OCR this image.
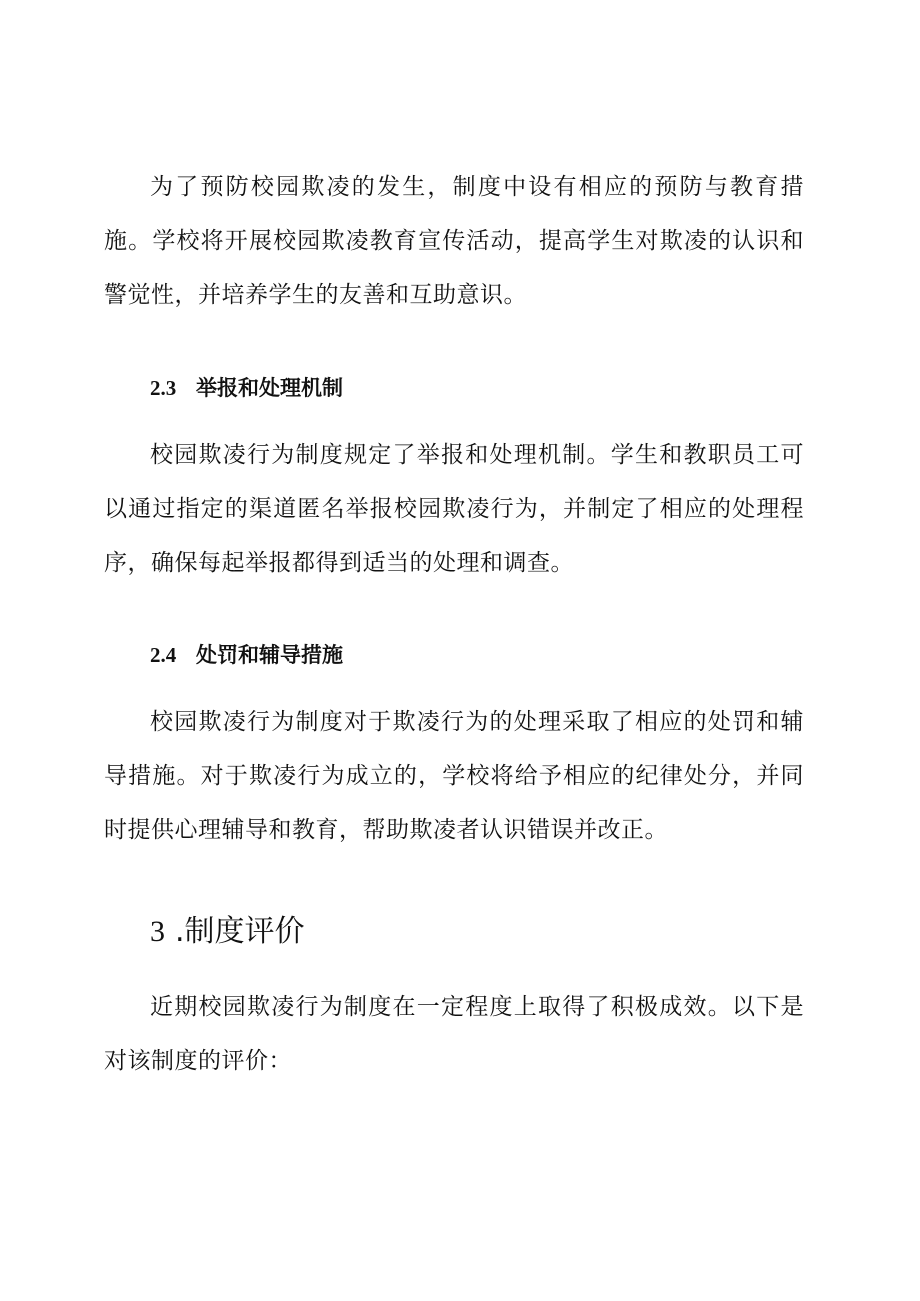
为了预防校园欺凌的发生，制度中设有相应的预防与教育措施。学校将开展校园欺凌教育宣传活动，提高学生对欺凌的认识和警觉性，并培养学生的友善和互助意识。

2.3 举报和处理机制

校园欺凌行为制度规定了举报和处理机制。学生和教职员工可以通过指定的渠道匿名举报校园欺凌行为，并制定了相应的处理程序，确保每起举报都得到适当的处理和调查。

2.4 处罚和辅导措施

校园欺凌行为制度对于欺凌行为的处理采取了相应的处罚和辅导措施。对于欺凌行为成立的，学校将给予相应的纪律处分，并同时提供心理辅导和教育，帮助欺凌者认识错误并改正。

3 .制度评价

近期校园欺凌行为制度在一定程度上取得了积极成效。以下是对该制度的评价：
